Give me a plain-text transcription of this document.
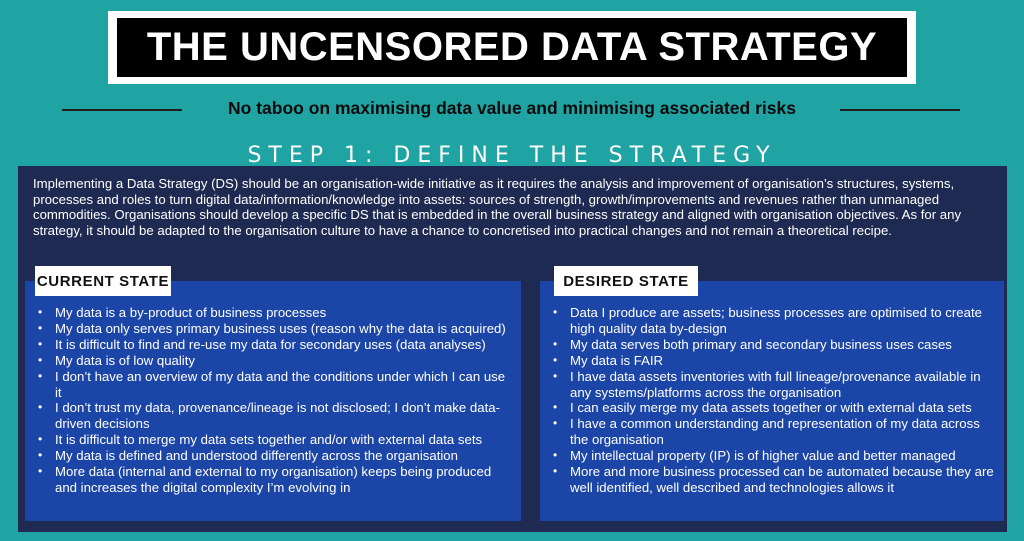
THE UNCENSORED DATA STRATEGY
No taboo on maximising data value and minimising associated risks
STEP 1: DEFINE THE STRATEGY
Implementing a Data Strategy (DS) should be an organisation-wide initiative as it requires the analysis and improvement of organisation’s structures, systems, processes and roles to turn digital data/information/knowledge into assets: sources of strength, growth/improvements and revenues rather than unmanaged commodities. Organisations should develop a specific DS that is embedded in the overall business strategy and aligned with organisation objectives. As for any strategy, it should be adapted to the organisation culture to have a chance to concretised into practical changes and not remain a theoretical recipe.
• My data is a by-product of business processes
• My data only serves primary business uses (reason why the data is acquired)
• It is difficult to find and re-use my data for secondary uses (data analyses)
• My data is of low quality
• I don’t have an overview of my data and the conditions under which I can use it
• I don’t trust my data, provenance/lineage is not disclosed; I don’t make data-driven decisions
• It is difficult to merge my data sets together and/or with external data sets
• My data is defined and understood differently across the organisation
• More data (internal and external to my organisation) keeps being produced and increases the digital complexity I’m evolving in
CURRENT STATE
• Data I produce are assets; business processes are optimised to create high quality data by-design
• My data serves both primary and secondary business uses cases
• My data is FAIR
• I have data assets inventories with full lineage/provenance available in any systems/platforms across the organisation
• I can easily merge my data assets together or with external data sets
• I have a common understanding and representation of my data across the organisation
• My intellectual property (IP) is of higher value and better managed
• More and more business processed can be automated because they are well identified, well described and technologies allows it
DESIRED STATE
